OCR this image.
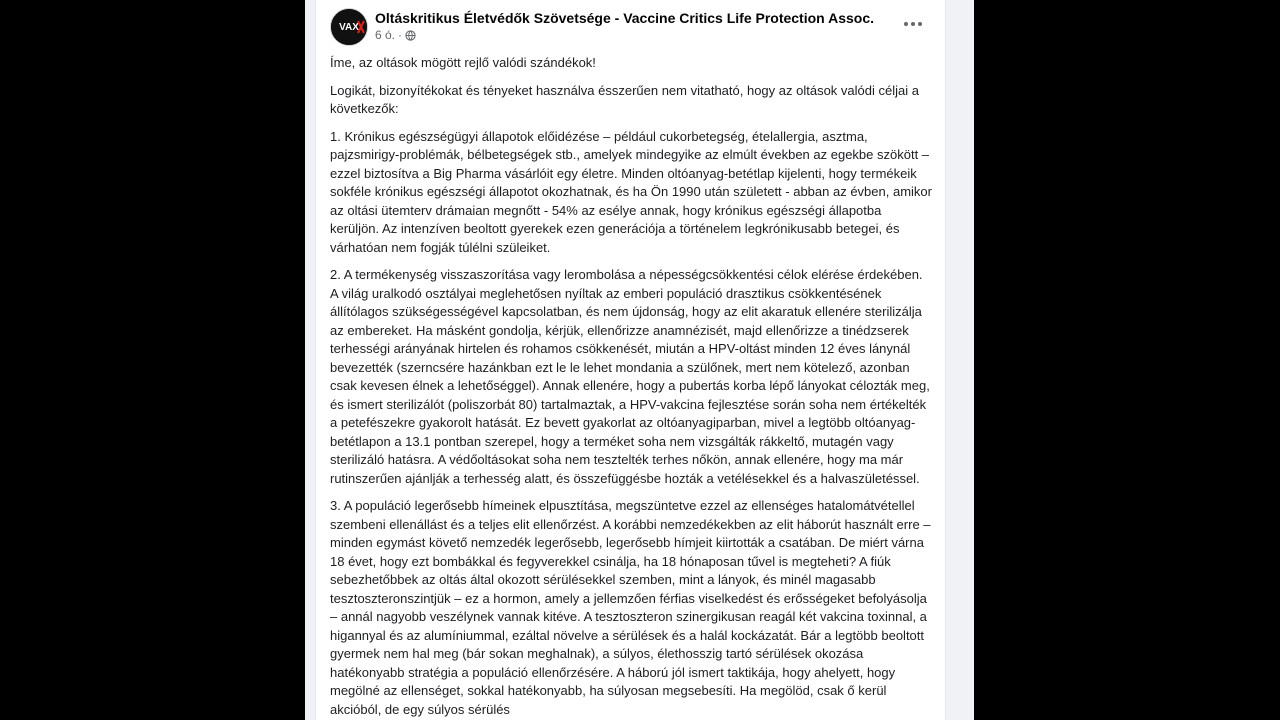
VAX
Oltáskritikus Életvédők Szövetsége - Vaccine Critics Life Protection Assoc.
6 ó. ·

Íme, az oltások mögött rejlő valódi szándékok!

Logikát, bizonyítékokat és tényeket használva ésszerűen nem vitatható, hogy az oltások valódi céljai a következők:

1. Krónikus egészségügyi állapotok előidézése – például cukorbetegség, ételallergia, asztma, pajzsmirigy-problémák, bélbetegségek stb., amelyek mindegyike az elmúlt években az egekbe szökött – ezzel biztosítva a Big Pharma vásárlóit egy életre. Minden oltóanyag-betétlap kijelenti, hogy termékeik sokféle krónikus egészségi állapotot okozhatnak, és ha Ön 1990 után született - abban az évben, amikor az oltási ütemterv drámaian megnőtt - 54% az esélye annak, hogy krónikus egészségi állapotba kerüljön. Az intenzíven beoltott gyerekek ezen generációja a történelem legkrónikusabb betegei, és várhatóan nem fogják túlélni szüleiket.

2. A termékenység visszaszorítása vagy lerombolása a népességcsökkentési célok elérése érdekében. A világ uralkodó osztályai meglehetősen nyíltak az emberi populáció drasztikus csökkentésének állítólagos szükségességével kapcsolatban, és nem újdonság, hogy az elit akaratuk ellenére sterilizálja az embereket. Ha másként gondolja, kérjük, ellenőrizze anamnézisét, majd ellenőrizze a tinédzserek terhességi arányának hirtelen és rohamos csökkenését, miután a HPV-oltást minden 12 éves lánynál bevezették (szerncsére hazánkban ezt le le lehet mondania a szülőnek, mert nem kötelező, azonban csak kevesen élnek a lehetőséggel). Annak ellenére, hogy a pubertás korba lépő lányokat célozták meg, és ismert sterilizálót (poliszorbát 80) tartalmaztak, a HPV-vakcina fejlesztése során soha nem értékelték a petefészekre gyakorolt hatását. Ez bevett gyakorlat az oltóanyagiparban, mivel a legtöbb oltóanyag-betétlapon a 13.1 pontban szerepel, hogy a terméket soha nem vizsgálták rákkeltő, mutagén vagy sterilizáló hatásra. A védőoltásokat soha nem tesztelték terhes nőkön, annak ellenére, hogy ma már rutinszerűen ajánlják a terhesség alatt, és összefüggésbe hozták a vetélésekkel és a halvaszületéssel.

3. A populáció legerősebb hímeinek elpusztítása, megszüntetve ezzel az ellenséges hatalomátvétellel szembeni ellenállást és a teljes elit ellenőrzést. A korábbi nemzedékekben az elit háborút használt erre – minden egymást követő nemzedék legerősebb, legerősebb hímjeit kiirtották a csatában. De miért várna 18 évet, hogy ezt bombákkal és fegyverekkel csinálja, ha 18 hónaposan tűvel is megteheti? A fiúk sebezhetőbbek az oltás által okozott sérülésekkel szemben, mint a lányok, és minél magasabb tesztoszteronszintjük – ez a hormon, amely a jellemzően férfias viselkedést és erősségeket befolyásolja – annál nagyobb veszélynek vannak kitéve. A tesztoszteron szinergikusan reagál két vakcina toxinnal, a higannyal és az alumíniummal, ezáltal növelve a sérülések és a halál kockázatát. Bár a legtöbb beoltott gyermek nem hal meg (bár sokan meghalnak), a súlyos, élethosszig tartó sérülések okozása hatékonyabb stratégia a populáció ellenőrzésére. A háború jól ismert taktikája, hogy ahelyett, hogy megölné az ellenséget, sokkal hatékonyabb, ha súlyosan megsebesíti. Ha megölöd, csak ő kerül akcióból, de egy súlyos sérülés
